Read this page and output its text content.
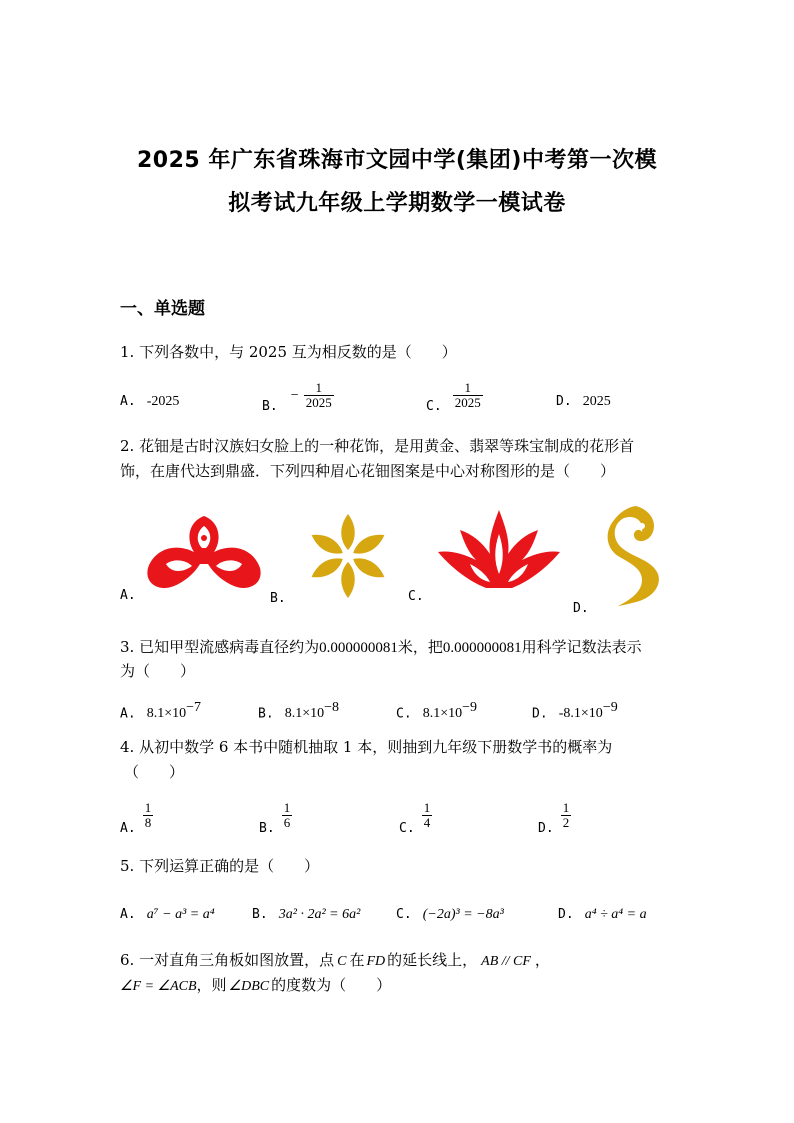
2025 年广东省珠海市文园中学(集团)中考第一次模
拟考试九年级上学期数学一模试卷
一、单选题
1. 下列各数中，与 2025 互为相反数的是（　　）
A. -2025	$_{B.} - \frac{1}{2025}$	$_{C.} \frac{1}{2025}$	D. 2025
2. 花钿是古时汉族妇女脸上的一种花饰，是用黄金、翡翠等珠宝制成的花形首
饰，在唐代达到鼎盛．下列四种眉心花钿图案是中心对称图形的是（　　）
A.	B.	C.
D.
3. 已知甲型流感病毒直径约为0.000000081米，把0.000000081用科学记数法表示
为（　　）
A. $8.1\times 10^{-7}$	B. $8.1\times 10^{-8}$	C. $8.1\times 10^{-9}$	D. $-8.1\times 10^{-9}$
4. 从初中数学 6 本书中随机抽取 1 本，则抽到九年级下册数学书的概率为
（　　）
$_{A.} \frac{1}{8}$	$_{B.} \frac{1}{6}$	$_{C.} \frac{1}{4}$	$_{D.} \frac{1}{2}$
5. 下列运算正确的是（　　）
A. a⁷ − a³ = a⁴	B. 3a² · 2a² = 6a²	C. (−2a)³ = −8a³	D. a⁴ ÷ a⁴ = a
6. 一对直角三角板如图放置，点 C 在 FD 的延长线上， AB // CF ，
∠F = ∠ACB，则 ∠DBC 的度数为（　　）
